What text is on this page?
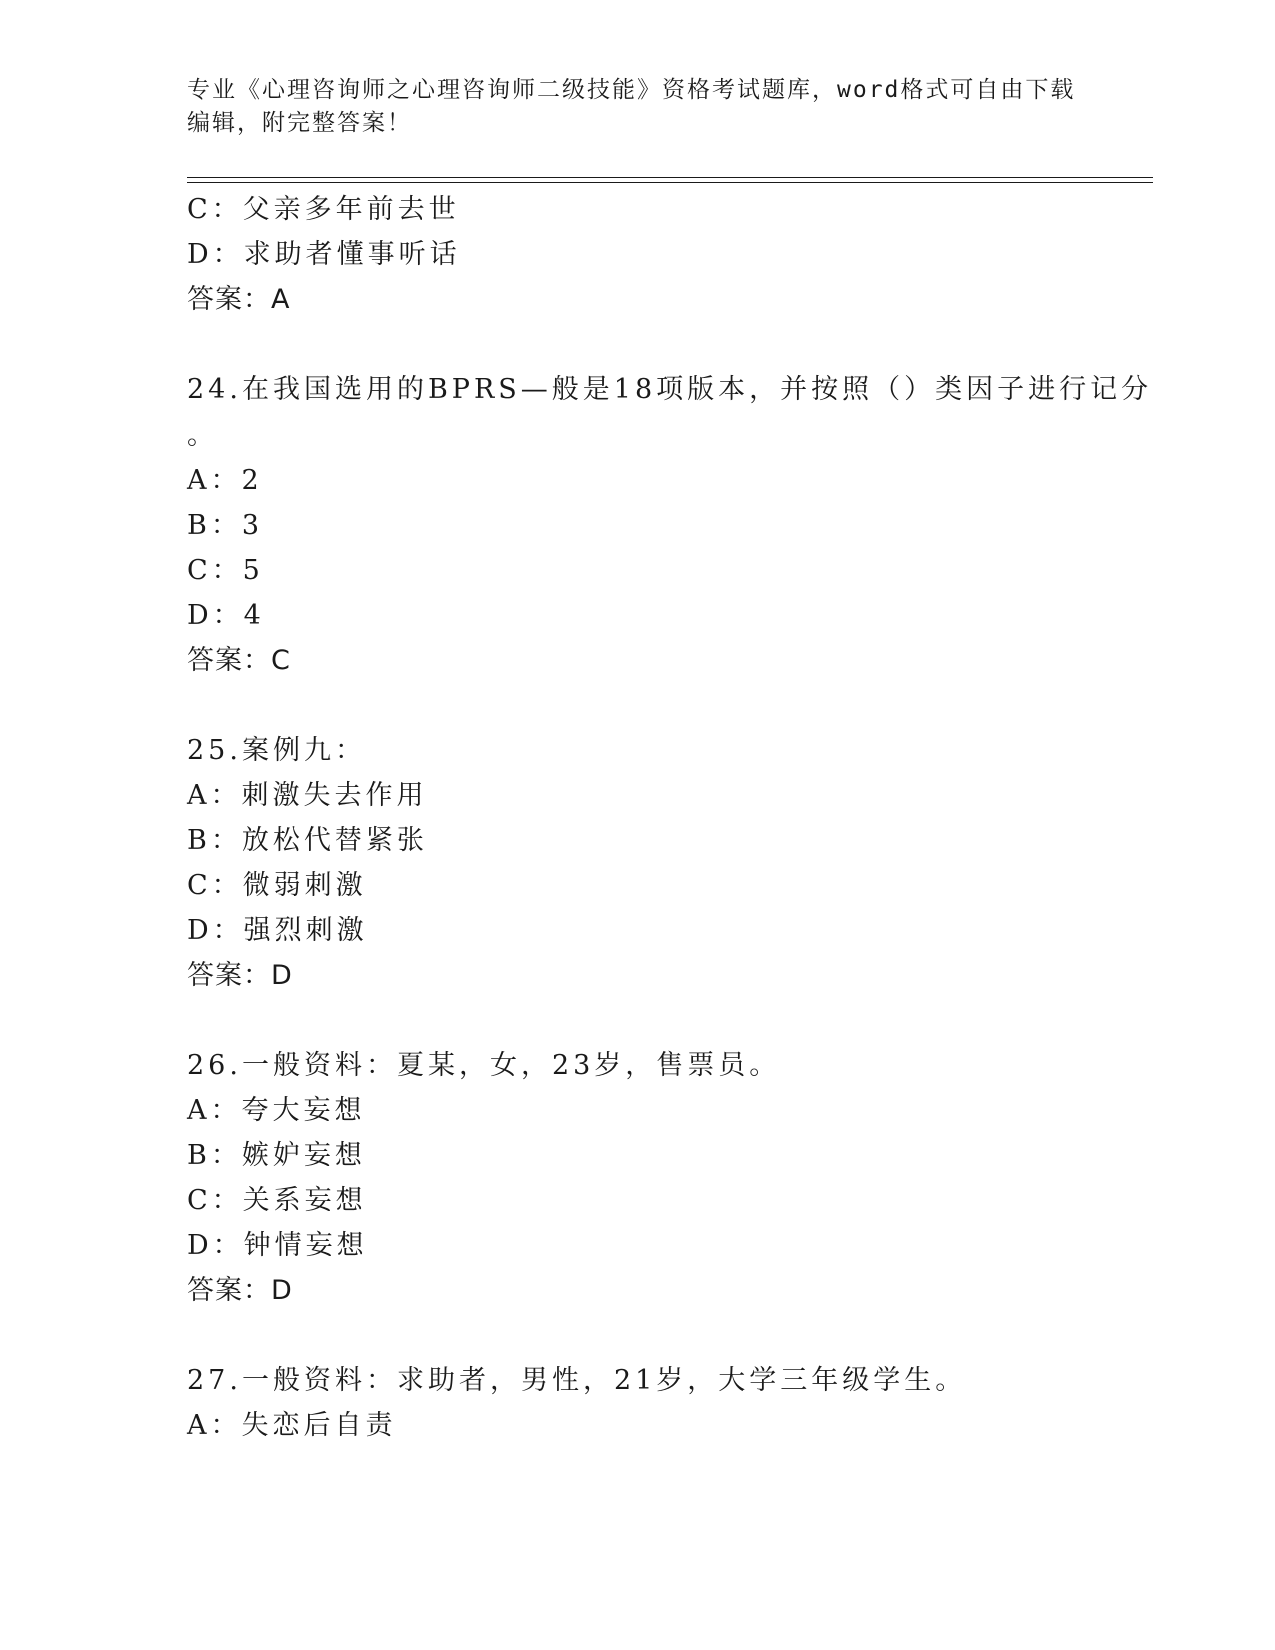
专业《心理咨询师之心理咨询师二级技能》资格考试题库，word格式可自由下载
编辑，附完整答案！
C：父亲多年前去世
D：求助者懂事听话
答案：A
24.在我国选用的BPRS—般是18项版本，并按照（）类因子进行记分
。
A：2
B：3
C：5
D：4
答案：C
25.案例九：
A：刺激失去作用
B：放松代替紧张
C：微弱刺激
D：强烈刺激
答案：D
26.一般资料：夏某，女，23岁，售票员。
A：夸大妄想
B：嫉妒妄想
C：关系妄想
D：钟情妄想
答案：D
27.一般资料：求助者，男性，21岁，大学三年级学生。
A：失恋后自责
